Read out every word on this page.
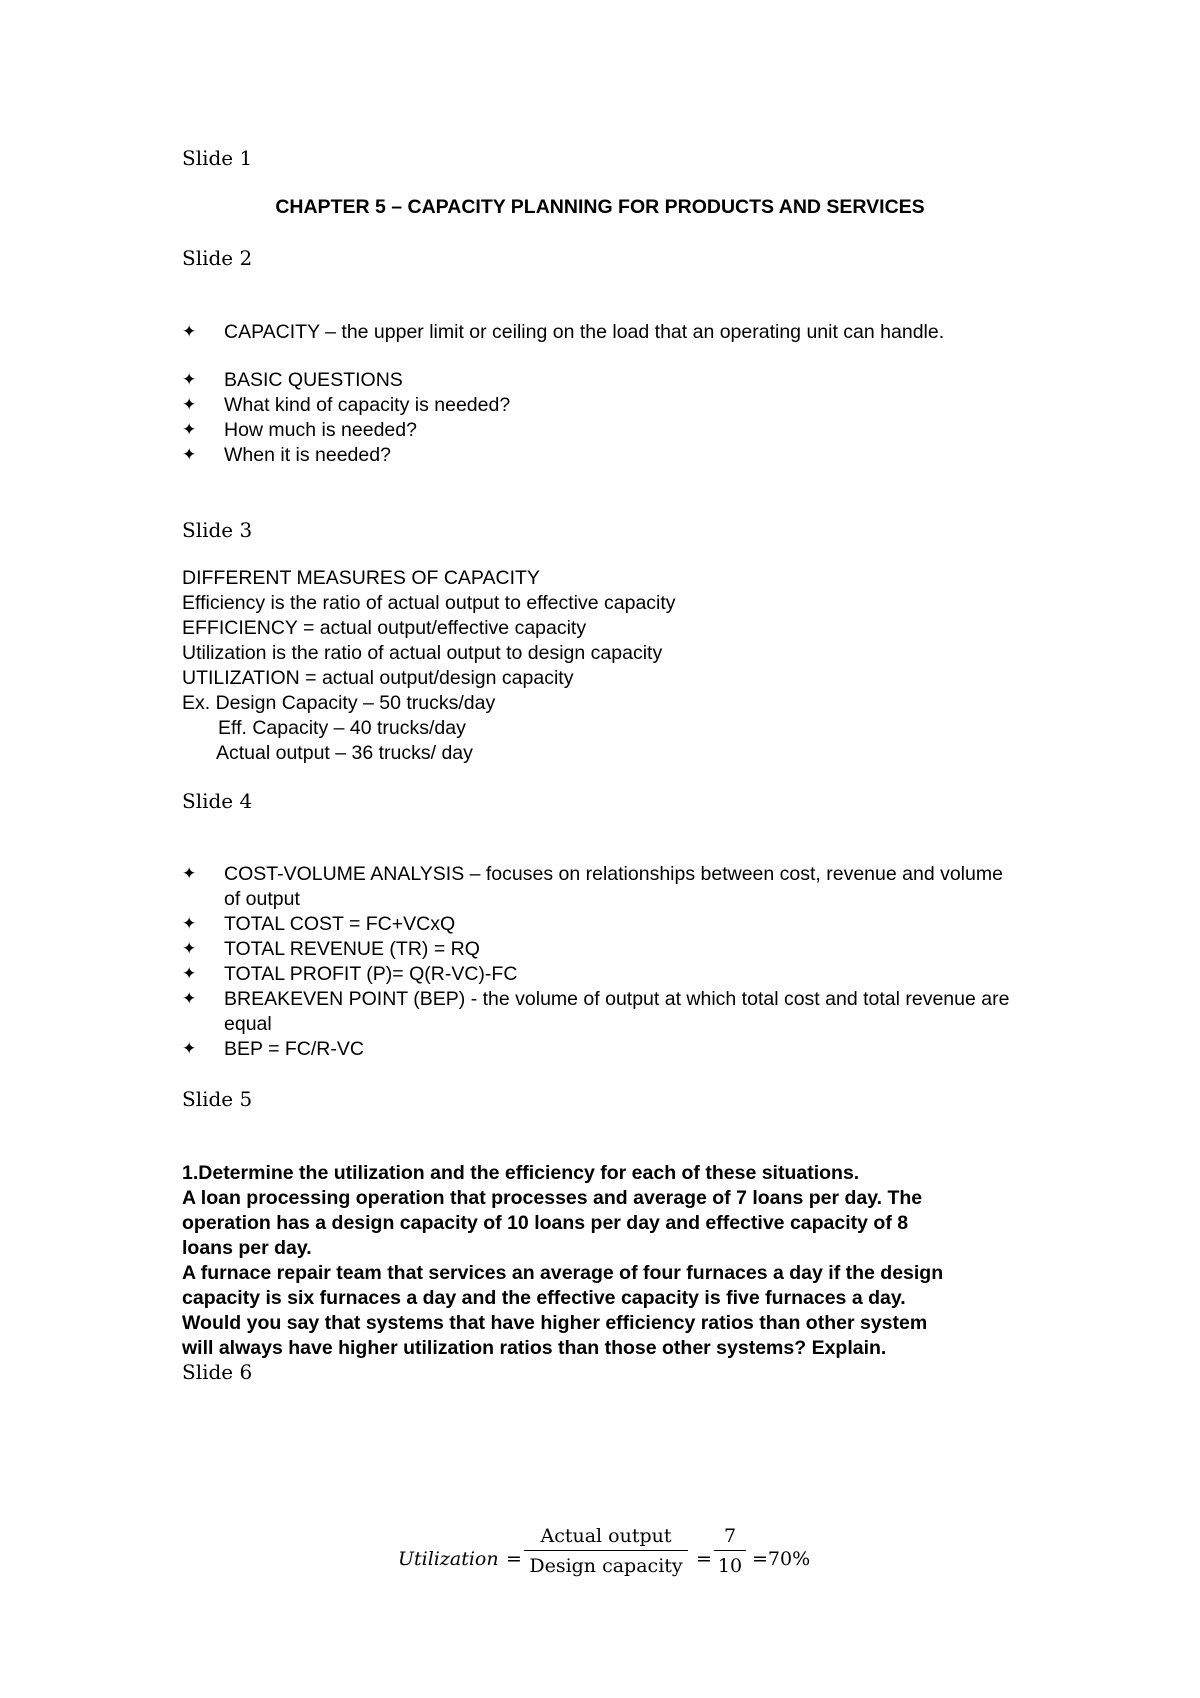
Slide 1
CHAPTER 5 – CAPACITY PLANNING FOR PRODUCTS AND SERVICES
Slide 2
✦ CAPACITY – the upper limit or ceiling on the load that an operating unit can handle.
✦ BASIC QUESTIONS
✦ What kind of capacity is needed?
✦ How much is needed?
✦ When it is needed?
Slide 3
DIFFERENT MEASURES OF CAPACITY
Efficiency is the ratio of actual output to effective capacity
EFFICIENCY = actual output/effective capacity
Utilization is the ratio of actual output to design capacity
UTILIZATION = actual output/design capacity
Ex. Design Capacity – 50 trucks/day
Eff. Capacity – 40 trucks/day
Actual output – 36 trucks/ day
Slide 4
✦ COST-VOLUME ANALYSIS – focuses on relationships between cost, revenue and volume of output
✦ TOTAL COST = FC+VCxQ
✦ TOTAL REVENUE (TR) = RQ
✦ TOTAL PROFIT (P)= Q(R-VC)-FC
✦ BREAKEVEN POINT (BEP) - the volume of output at which total cost and total revenue are equal
✦ BEP = FC/R-VC
Slide 5
1.Determine the utilization and the efficiency for each of these situations.
A loan processing operation that processes and average of 7 loans per day. The
operation has a design capacity of 10 loans per day and effective capacity of 8
loans per day.
A furnace repair team that services an average of four furnaces a day if the design
capacity is six furnaces a day and the effective capacity is five furnaces a day.
Would you say that systems that have higher efficiency ratios than other system
will always have higher utilization ratios than those other systems? Explain.
Slide 6
Utilization =
Actual output
Design capacity = $\frac{7}{10} =70\%$
